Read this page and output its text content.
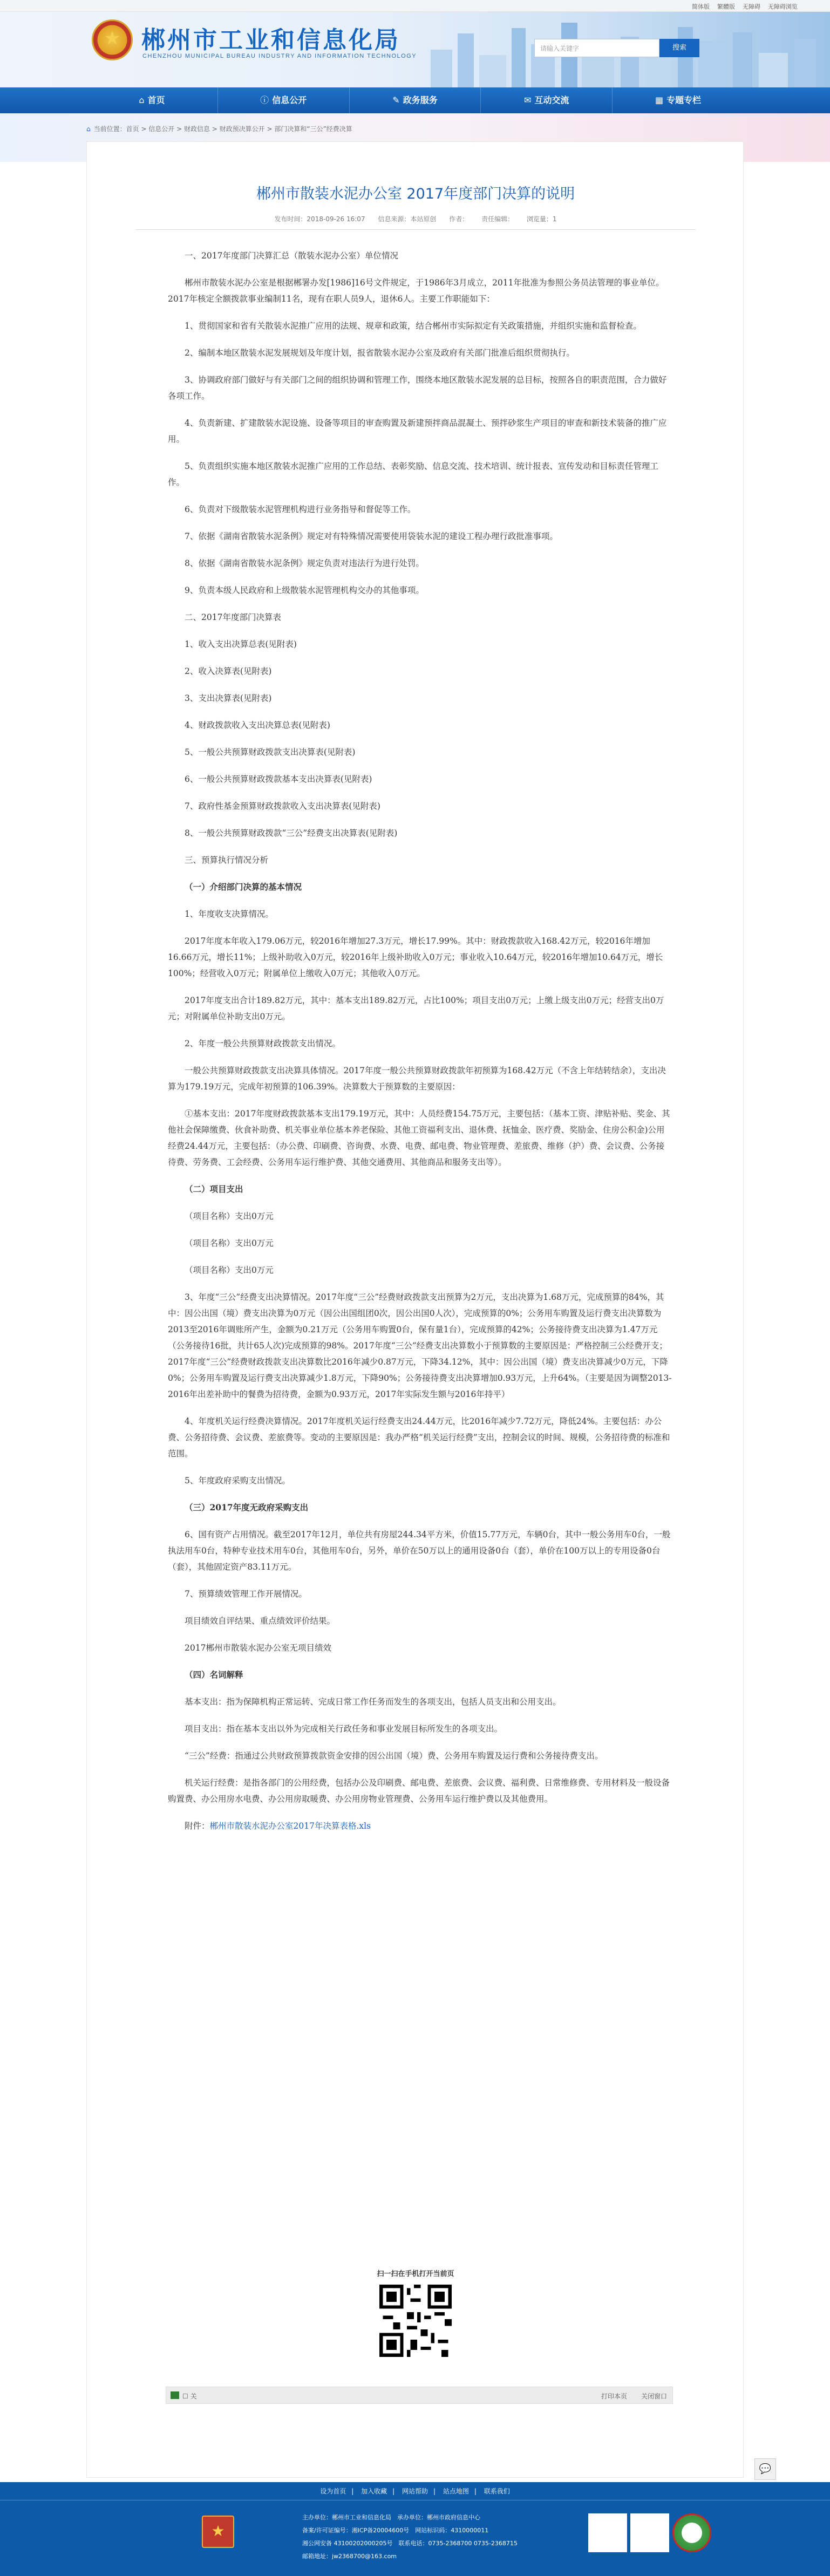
简体版 繁體版 无障碍 无障碍浏览
★
郴州市工业和信息化局
CHENZHOU MUNICIPAL BUREAU INDUSTRY AND INFORMATION TECHNOLOGY
请输入关键字	搜索
⌂ 首页	ⓘ 信息公开	✎ 政务服务	✉ 互动交流	▦ 专题专栏
⌂ 当前位置：首页 > 信息公开 > 财政信息 > 财政预决算公开 > 部门决算和“三公”经费决算
郴州市散装水泥办公室 2017年度部门决算的说明
发布时间：2018-09-26 16:07 信息来源：本站原创 作者： 责任编辑： 浏览量：1

一、2017年度部门决算汇总（散装水泥办公室）单位情况

郴州市散装水泥办公室是根据郴署办发[1986]16号文件规定，于1986年3月成立，2011年批准为参照公务员法管理的事业单位。2017年核定全额拨款事业编制11名，现有在职人员9人，退休6人。主要工作职能如下：

1、贯彻国家和省有关散装水泥推广应用的法规、规章和政策，结合郴州市实际拟定有关政策措施，并组织实施和监督检查。

2、编制本地区散装水泥发展规划及年度计划，报省散装水泥办公室及政府有关部门批准后组织贯彻执行。

3、协调政府部门做好与有关部门之间的组织协调和管理工作，围绕本地区散装水泥发展的总目标，按照各自的职责范围，合力做好各项工作。

4、负责新建、扩建散装水泥设施、设备等项目的审查购置及新建预拌商品混凝土、预拌砂浆生产项目的审查和新技术装备的推广应用。

5、负责组织实施本地区散装水泥推广应用的工作总结、表彰奖励、信息交流、技术培训、统计报表、宣传发动和目标责任管理工作。

6、负责对下级散装水泥管理机构进行业务指导和督促等工作。

7、依据《湖南省散装水泥条例》规定对有特殊情况需要使用袋装水泥的建设工程办理行政批准事项。

8、依据《湖南省散装水泥条例》规定负责对违法行为进行处罚。

9、负责本级人民政府和上级散装水泥管理机构交办的其他事项。

二、2017年度部门决算表

1、收入支出决算总表(见附表)

2、收入决算表(见附表)

3、支出决算表(见附表)

4、财政拨款收入支出决算总表(见附表)

5、一般公共预算财政拨款支出决算表(见附表)

6、一般公共预算财政拨款基本支出决算表(见附表)

7、政府性基金预算财政拨款收入支出决算表(见附表)

8、一般公共预算财政拨款“三公”经费支出决算表(见附表)

三、预算执行情况分析

（一）介绍部门决算的基本情况

1、年度收支决算情况。

2017年度本年收入179.06万元，较2016年增加27.3万元，增长17.99%。其中：财政拨款收入168.42万元，较2016年增加16.66万元，增长11%；上级补助收入0万元，较2016年上级补助收入0万元；事业收入10.64万元，较2016年增加10.64万元，增长100%；经营收入0万元；附属单位上缴收入0万元；其他收入0万元。

2017年度支出合计189.82万元，其中：基本支出189.82万元，占比100%；项目支出0万元；上缴上级支出0万元；经营支出0万元；对附属单位补助支出0万元。

2、年度一般公共预算财政拨款支出情况。

一般公共预算财政拨款支出决算具体情况。2017年度一般公共预算财政拨款年初预算为168.42万元（不含上年结转结余），支出决算为179.19万元，完成年初预算的106.39%。决算数大于预算数的主要原因：

①基本支出：2017年度财政拨款基本支出179.19万元，其中：人员经费154.75万元，主要包括：（基本工资、津贴补贴、奖金、其他社会保障缴费、伙食补助费、机关事业单位基本养老保险、其他工资福利支出、退休费、抚恤金、医疗费、奖励金、住房公积金)公用经费24.44万元，主要包括：（办公费、印刷费、咨询费、水费、电费、邮电费、物业管理费、差旅费、维修（护）费、会议费、公务接待费、劳务费、工会经费、公务用车运行维护费、其他交通费用、其他商品和服务支出等）。

（二）项目支出

（项目名称）支出0万元

（项目名称）支出0万元

（项目名称）支出0万元

3、年度“三公”经费支出决算情况。2017年度“三公”经费财政拨款支出预算为2万元，支出决算为1.68万元，完成预算的84%，其中：因公出国（境）费支出决算为0万元（因公出国组团0次，因公出国0人次），完成预算的0%；公务用车购置及运行费支出决算数为2013至2016年调账所产生，金额为0.21万元（公务用车购置0台，保有量1台），完成预算的42%；公务接待费支出决算为1.47万元（公务接待16批，共计65人次)完成预算的98%。2017年度“三公”经费支出决算数小于预算数的主要原因是：严格控制三公经费开支；2017年度“三公”经费财政拨款支出决算数比2016年减少0.87万元，下降34.12%，其中：因公出国（境）费支出决算减少0万元，下降0%；公务用车购置及运行费支出决算减少1.8万元，下降90%；公务接待费支出决算增加0.93万元，上升64%。（主要是因为调整2013-2016年出差补助中的餐费为招待费，金额为0.93万元，2017年实际发生额与2016年持平）

4、年度机关运行经费决算情况。2017年度机关运行经费支出24.44万元，比2016年减少7.72万元，降低24%。主要包括：办公费、公务招待费、会议费、差旅费等。变动的主要原因是：我办严格“机关运行经费”支出，控制会议的时间、规模，公务招待费的标准和范围。

5、年度政府采购支出情况。

（三）2017年度无政府采购支出

6、国有资产占用情况。截至2017年12月，单位共有房屋244.34平方米，价值15.77万元，车辆0台，其中一般公务用车0台，一般执法用车0台，特种专业技术用车0台，其他用车0台，另外，单价在50万以上的通用设备0台（套），单价在100万以上的专用设备0台（套），其他固定资产83.11万元。

7、预算绩效管理工作开展情况。

项目绩效自评结果、重点绩效评价结果。

2017郴州市散装水泥办公室无项目绩效

（四）名词解释

基本支出：指为保障机构正常运转、完成日常工作任务而发生的各项支出，包括人员支出和公用支出。

项目支出：指在基本支出以外为完成相关行政任务和事业发展目标所发生的各项支出。

“三公”经费：指通过公共财政预算拨款资金安排的因公出国（境）费、公务用车购置及运行费和公务接待费支出。

机关运行经费：是指各部门的公用经费，包括办公及印刷费、邮电费、差旅费、会议费、福利费、日常维修费、专用材料及一般设备购置费、办公用房水电费、办公用房取暖费、办公用房物业管理费、公务用车运行维护费以及其他费用。

附件：郴州市散装水泥办公室2017年决算表格.xls

扫一扫在手机打开当前页
☐ 关	打印本页 关闭窗口
💬
设为首页 | 加入收藏 | 网站帮助 | 站点地图 | 联系我们
★
主办单位：郴州市工业和信息化局　承办单位：郴州市政府信息中心
备案/许可证编号：湘ICP备20004600号　网站标识码：4310000011
湘公网安备 43100202000205号　联系电话：0735-2368700 0735-2368715
邮箱地址：jw2368700@163.com
